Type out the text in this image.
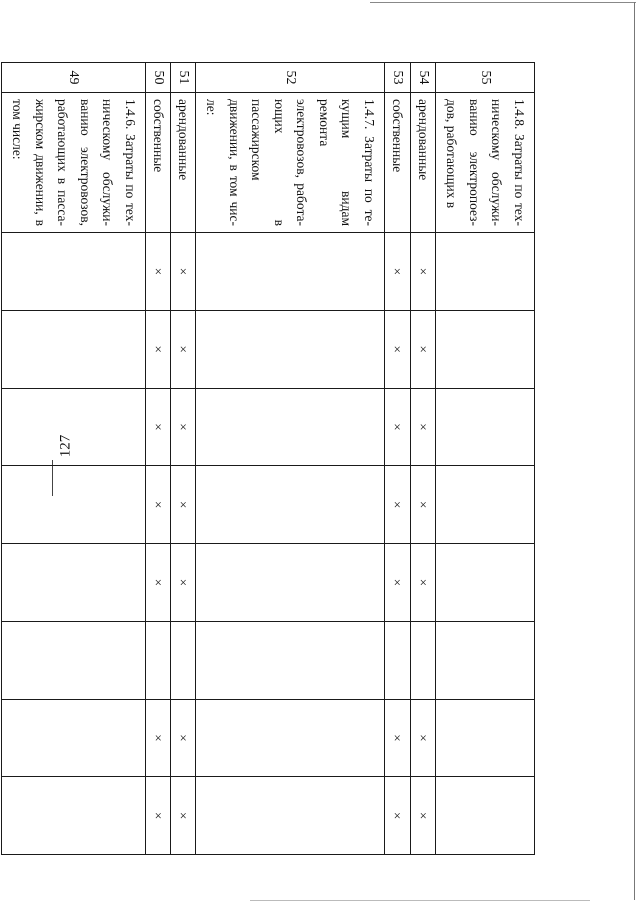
127
55	1.4.8. Затраты по тех-ническому обслужи-ванию электропоез-дов, работающих в								
54	арендованные	×	×	×	×	×		×	×
53	собственные	×	×	×	×	×		×	×
52	1.4.7. Затраты по те-кущим видам ремонта электровозов, работа-ющих в пассажирском движении, в том чис-ле:								
51	арендованные	×	×	×	×	×		×	×
50	собственные	×	×	×	×	×		×	×
49	1.4.6. Затраты по тех-ническому обслужи-ванию электровозов, работающих в пасса-жирском движении, в том числе:								
